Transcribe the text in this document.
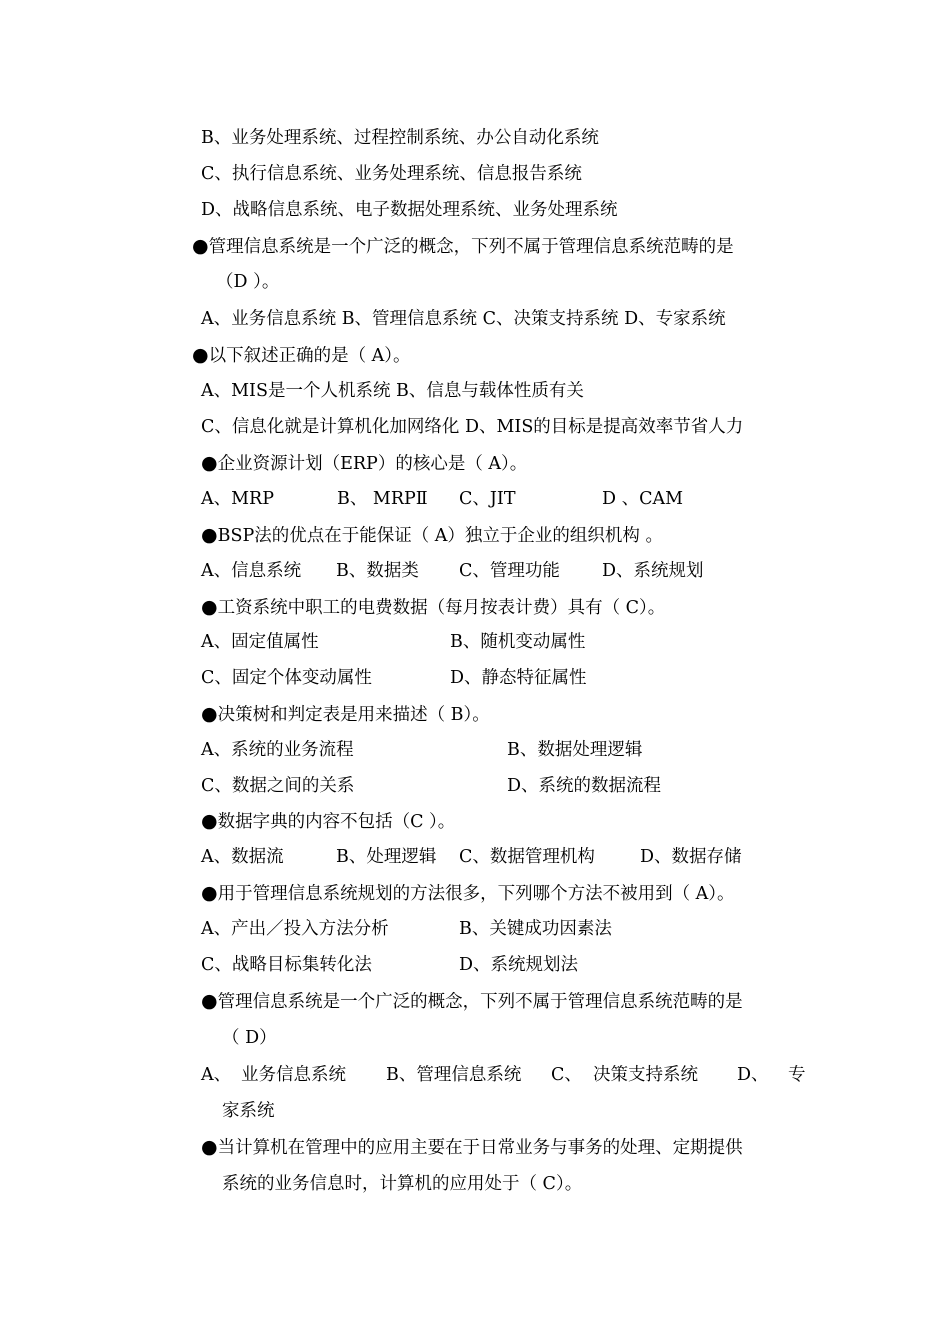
B、业务处理系统、过程控制系统、办公自动化系统
C、执行信息系统、业务处理系统、信息报告系统
D、战略信息系统、电子数据处理系统、业务处理系统
●管理信息系统是一个广泛的概念，下列不属于管理信息系统范畴的是
（D ）。
A、业务信息系统 B、管理信息系统 C、决策支持系统 D、专家系统
●以下叙述正确的是（ A）。
A、MIS是一个人机系统 B、信息与载体性质有关
C、信息化就是计算机化加网络化 D、MIS的目标是提高效率节省人力
●企业资源计划（ERP）的核心是（ A）。
A、MRP	B、 MRPⅡ C、JIT	D 、CAM
●BSP法的优点在于能保证（ A）独立于企业的组织机构 。
A、信息系统 B、数据类 C、管理功能 D、系统规划
●工资系统中职工的电费数据（每月按表计费）具有（ C）。
A、固定值属性	B、随机变动属性
C、固定个体变动属性	D、静态特征属性
●决策树和判定表是用来描述（ B）。
A、系统的业务流程	B、数据处理逻辑
C、数据之间的关系	D、系统的数据流程
●数据字典的内容不包括（C ）。
A、数据流	B、处理逻辑 C、数据管理机构	D、数据存储
●用于管理信息系统规划的方法很多，下列哪个方法不被用到（ A）。
A、产出／投入方法分析	B、关键成功因素法
C、战略目标集转化法	D、系统规划法
●管理信息系统是一个广泛的概念，下列不属于管理信息系统范畴的是
（ D）
A、 业务信息系统 B、管理信息系统 C、 决策支持系统 D、 专
家系统
●当计算机在管理中的应用主要在于日常业务与事务的处理、定期提供
系统的业务信息时，计算机的应用处于（ C）。
